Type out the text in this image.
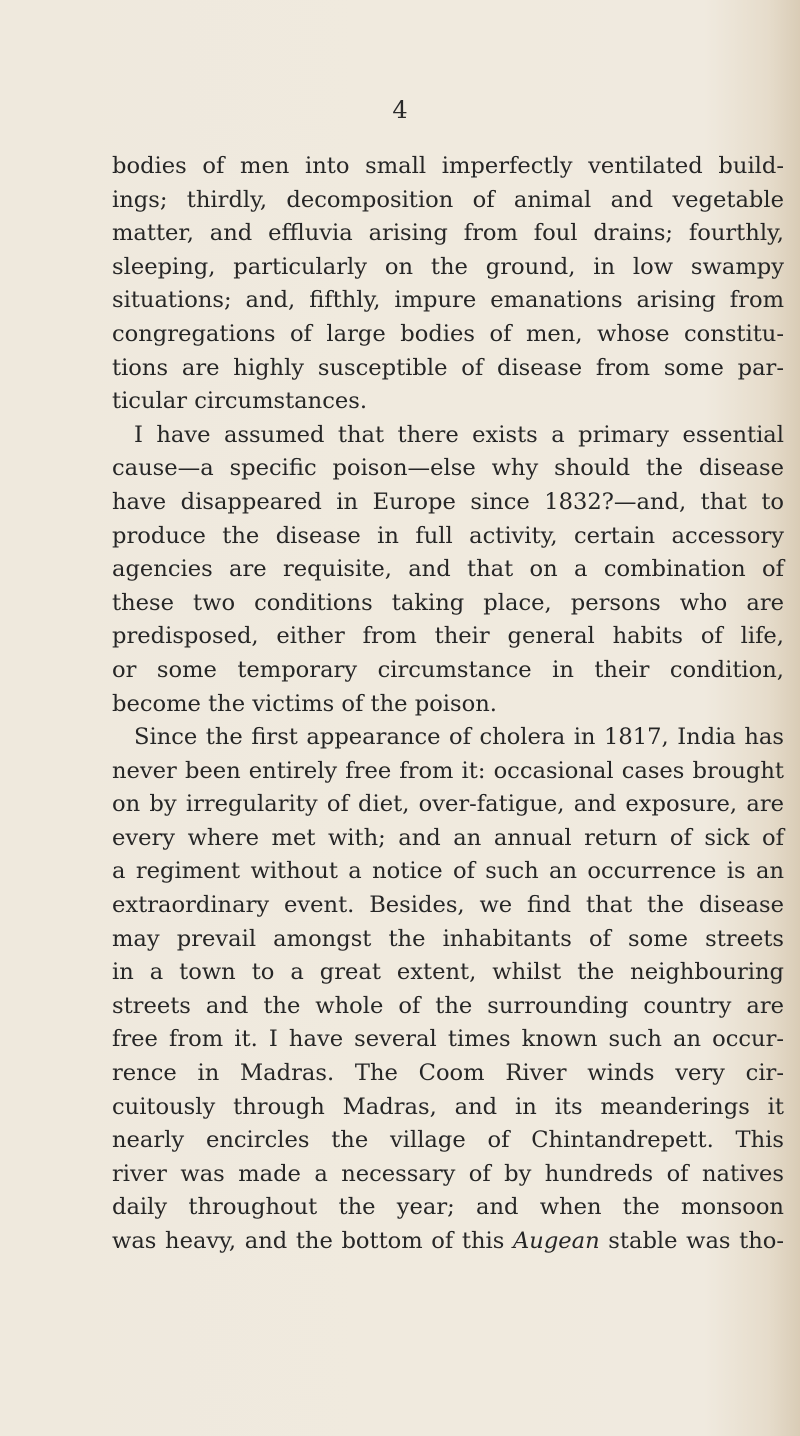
4
bodies of men into small imperfectly ventilated build-
ings; thirdly, decomposition of animal and vegetable
matter, and effluvia arising from foul drains; fourthly,
sleeping, particularly on the ground, in low swampy
situations; and, fifthly, impure emanations arising from
congregations of large bodies of men, whose constitu-
tions are highly susceptible of disease from some par-
ticular circumstances.
I have assumed that there exists a primary essential
cause—a specific poison—else why should the disease
have disappeared in Europe since 1832?—and, that to
produce the disease in full activity, certain accessory
agencies are requisite, and that on a combination of
these two conditions taking place, persons who are
predisposed, either from their general habits of life,
or some temporary circumstance in their condition,
become the victims of the poison.
Since the first appearance of cholera in 1817, India has
never been entirely free from it: occasional cases brought
on by irregularity of diet, over-fatigue, and exposure, are
every where met with; and an annual return of sick of
a regiment without a notice of such an occurrence is an
extraordinary event. Besides, we find that the disease
may prevail amongst the inhabitants of some streets
in a town to a great extent, whilst the neighbouring
streets and the whole of the surrounding country are
free from it. I have several times known such an occur-
rence in Madras. The Coom River winds very cir-
cuitously through Madras, and in its meanderings it
nearly encircles the village of Chintandrepett. This
river was made a necessary of by hundreds of natives
daily throughout the year; and when the monsoon
was heavy, and the bottom of this Augean stable was tho-
